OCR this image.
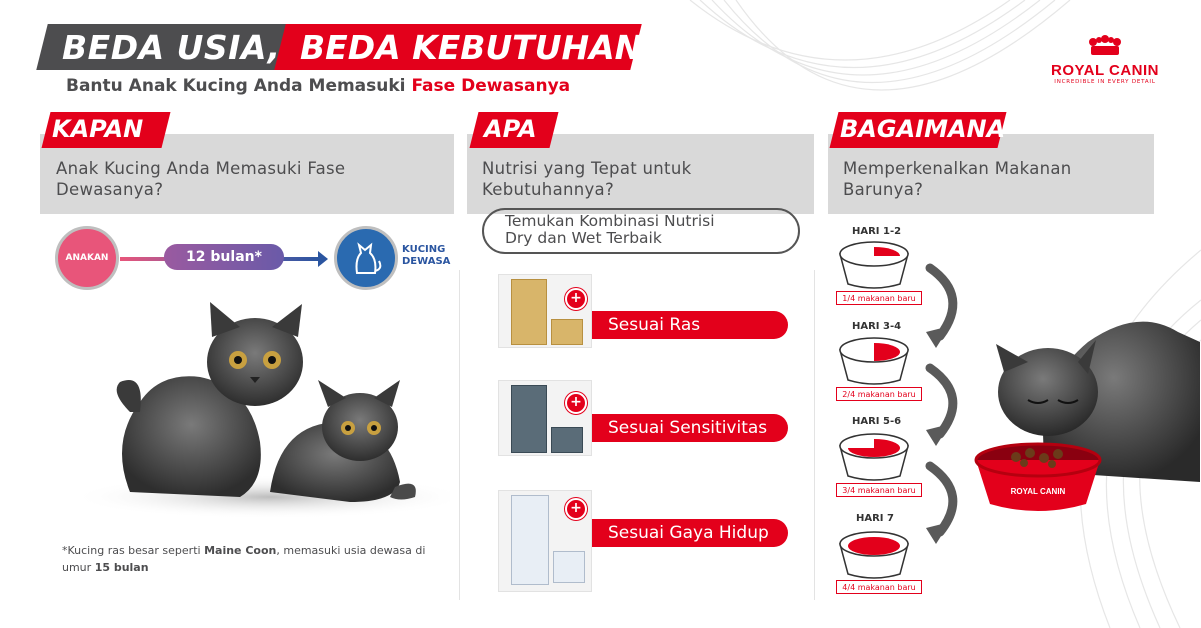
BEDA USIA, BEDA KEBUTUHAN
Bantu Anak Kucing Anda Memasuki Fase Dewasanya
ROYAL CANIN
INCREDIBLE IN EVERY DETAIL
KAPAN
Anak Kucing Anda Memasuki Fase Dewasanya?
ANAKAN	12 bulan*	KUCING
DEWASA
*Kucing ras besar seperti Maine Coon, memasuki usia dewasa di umur 15 bulan
APA
Nutrisi yang Tepat untuk Kebutuhannya?
Temukan Kombinasi Nutrisi
Dry dan Wet Terbaik
Sesuai Ras
+
Sesuai Sensitivitas
+
Sesuai Gaya Hidup
+
BAGAIMANA
Memperkenalkan Makanan Barunya?
HARI 1-2
HARI 3-4
HARI 5-6
HARI 7
1/4 makanan baru
2/4 makanan baru
3/4 makanan baru
4/4 makanan baru
ROYAL CANIN
